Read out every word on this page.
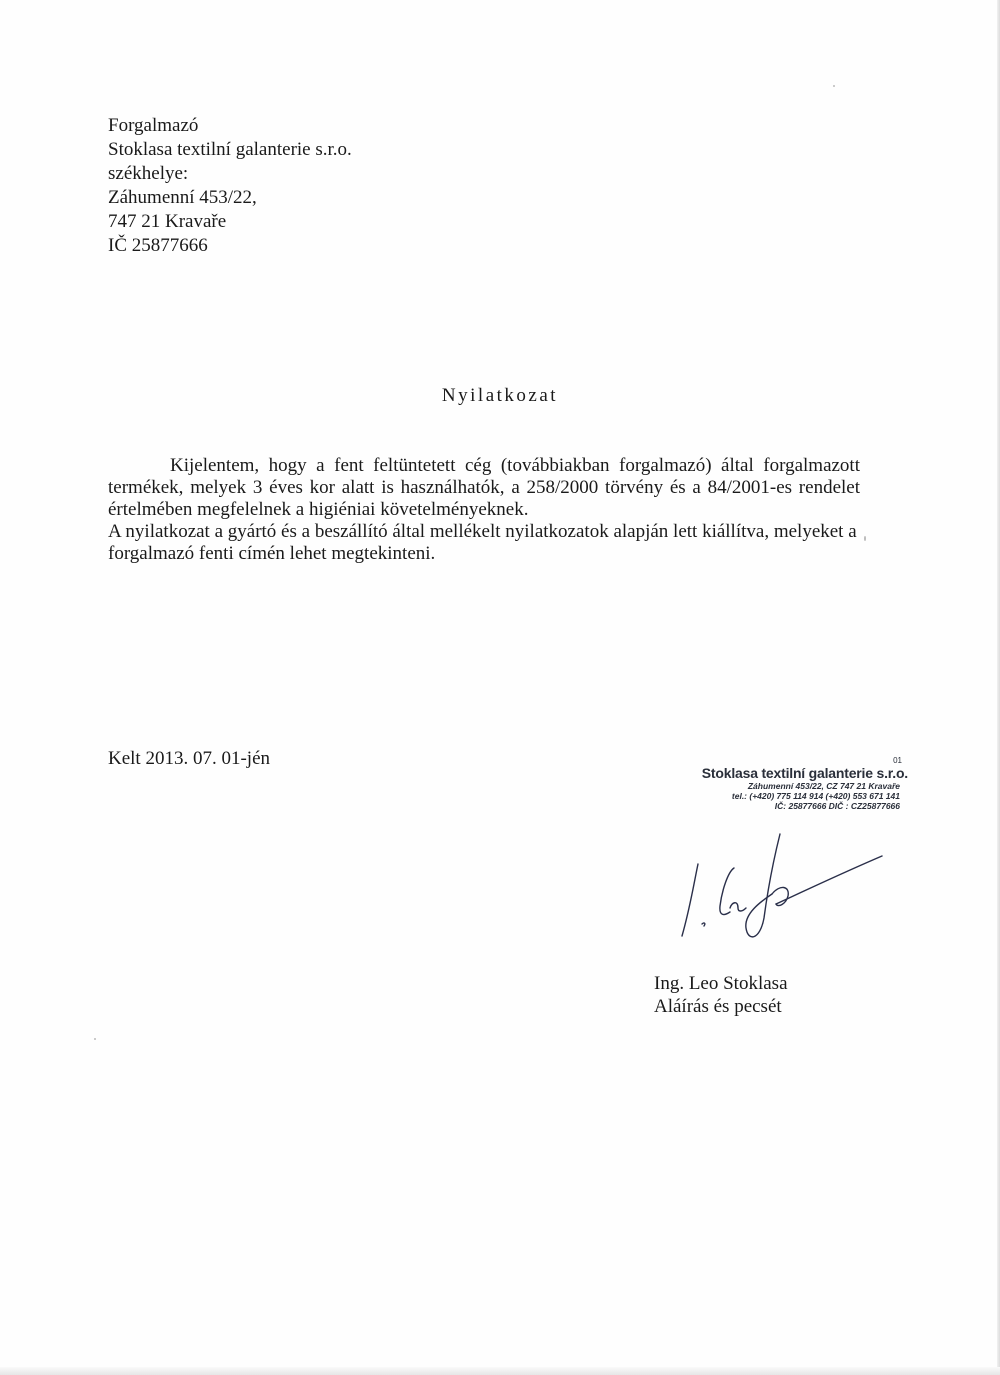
Forgalmazó
Stoklasa textilní galanterie s.r.o.
székhelye:
Záhumenní 453/22,
747 21 Kravaře
IČ 25877666
Nyilatkozat

Kijelentem, hogy a fent feltüntetett cég (továbbiakban forgalmazó) által forgalmazott termékek, melyek 3 éves kor alatt is használhatók, a 258/2000 törvény és a 84/2001-es rendelet értelmében megfelelnek a higiéniai követelményeknek.

A nyilatkozat a gyártó és a beszállító által mellékelt nyilatkozatok alapján lett kiállítva, melyeket a forgalmazó fenti címén lehet megtekinteni.

Kelt 2013. 07. 01-jén	01
Stoklasa textilní galanterie s.r.o.
Záhumenní 453/22, CZ 747 21 Kravaře
tel.: (+420) 775 114 914 (+420) 553 671 141
IČ: 25877666 DIČ : CZ25877666
Ing. Leo Stoklasa
Aláírás és pecsét
